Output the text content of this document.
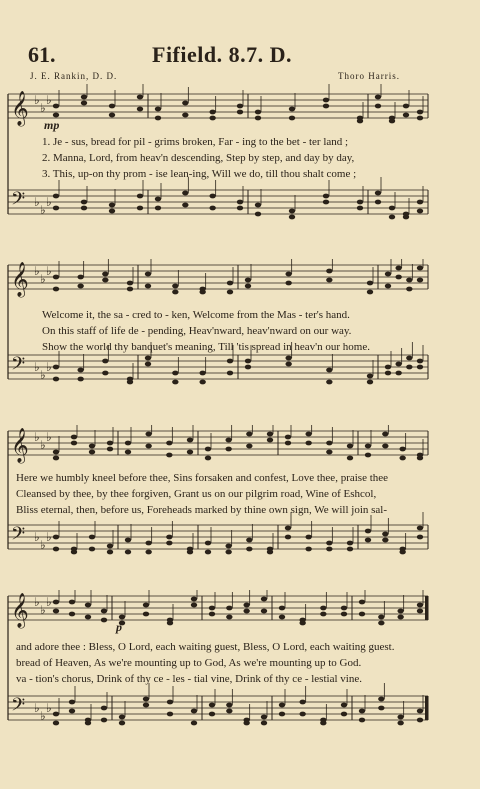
61.	Fifield. 8.7. D.
J. E. Rankin, D. D.	Thoro Harris.
𝄞 ♭
♭
♭
𝄢 ♭
♭
♭
mp
1. Je - sus, bread for pil - grims broken, Far - ing to the bet - ter land ;
2. Manna, Lord, from heav'n descending, Step by step, and day by day,
3. This, up-on thy prom - ise lean-ing, Will we do, till thou shalt come ;
𝄞 ♭
♭
♭
𝄢 ♭
♭
♭
Welcome it, the sa - cred to - ken, Welcome from the Mas - ter's hand.
On this staff of life de - pending, Heav'nward, heav'nward on our way.
Show the world thy banquet's meaning, Till 'tis spread in heav'n our home.
𝄞 ♭
♭
♭
𝄢 ♭
♭
♭
Here we humbly kneel before thee, Sins forsaken and confest, Love thee, praise thee
Cleansed by thee, by thee forgiven, Grant us on our pilgrim road, Wine of Eshcol,
Bliss eternal, then, before us, Foreheads marked by thine own sign, We will join sal-
𝄞 ♭
♭
♭
𝄢 ♭
♭
♭
p
and adore thee : Bless, O Lord, each waiting guest, Bless, O Lord, each waiting guest.
bread of Heaven, As we're mounting up to God, As we're mounting up to God.
va - tion's chorus, Drink of thy ce - les - tial vine, Drink of thy ce - lestial vine.
